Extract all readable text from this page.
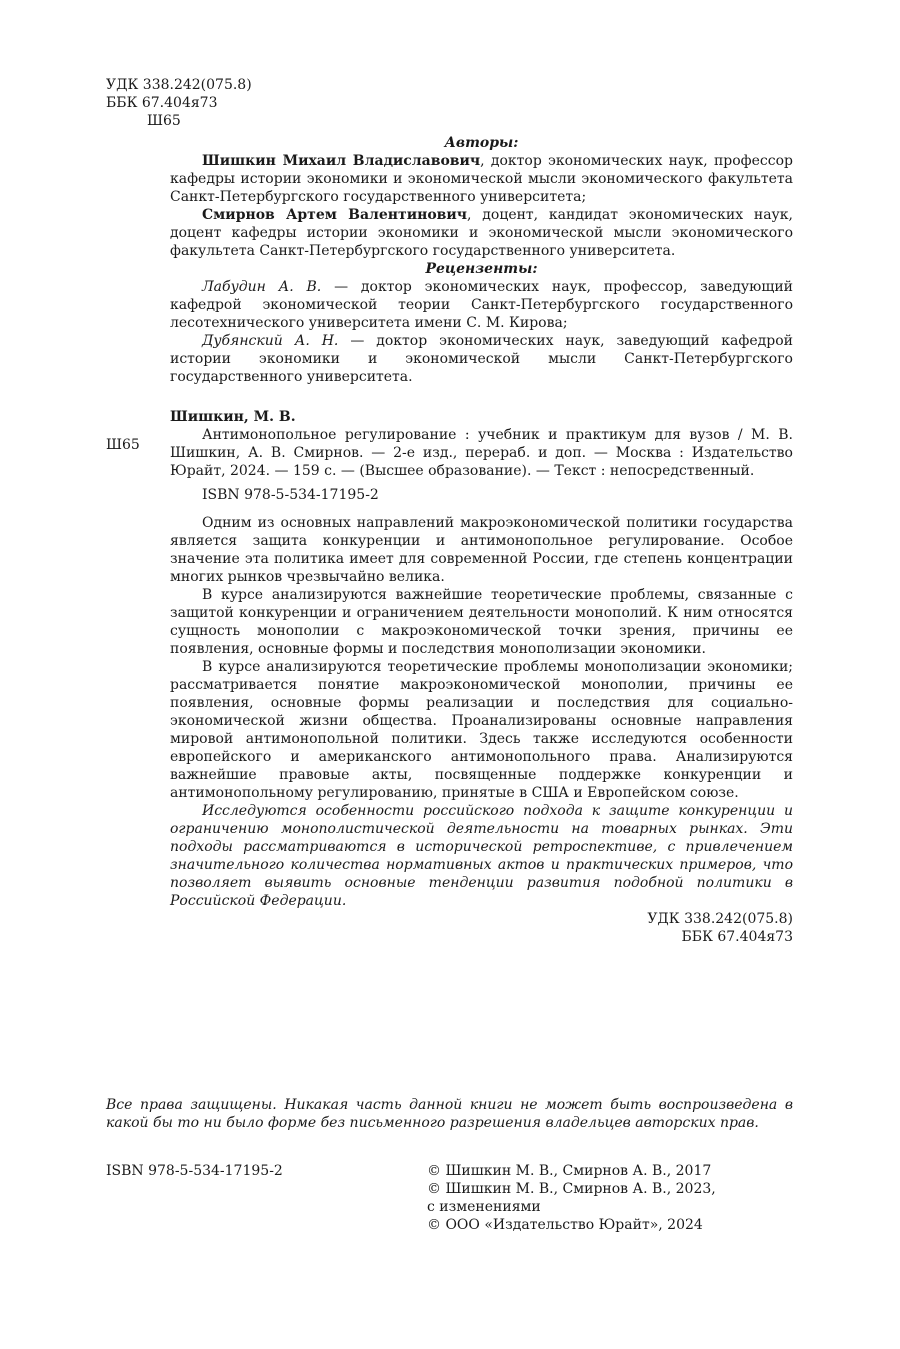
УДК 338.242(075.8)
ББК 67.404я73
Ш65

Авторы:

Шишкин Михаил Владиславович, доктор экономических наук, профессор кафедры истории экономики и экономической мысли экономического факультета Санкт-Петербургского государственного университета;

Смирнов Артем Валентинович, доцент, кандидат экономических наук, доцент кафедры истории экономики и экономической мысли экономического факультета Санкт-Петербургского государственного университета.

Рецензенты:

Лабудин А. В. — доктор экономических наук, профессор, заведующий кафедрой экономической теории Санкт-Петербургского государственного лесотехнического университета имени С. М. Кирова;

Дубянский А. Н. — доктор экономических наук, заведующий кафедрой истории экономики и экономической мысли Санкт-Петербургского государственного университета.

Ш65

Шишкин, М. В.

Антимонопольное регулирование : учебник и практикум для вузов / М. В. Шишкин, А. В. Смирнов. — 2-е изд., перераб. и доп. — Москва : Издательство Юрайт, 2024. — 159 с. — (Высшее образование). — Текст : непосредственный.

ISBN 978-5-534-17195-2

Одним из основных направлений макроэкономической политики государства является защита конкуренции и антимонопольное регулирование. Особое значение эта политика имеет для современной России, где степень концентрации многих рынков чрезвычайно велика.

В курсе анализируются важнейшие теоретические проблемы, связанные с защитой конкуренции и ограничением деятельности монополий. К ним относятся сущность монополии с макроэкономической точки зрения, причины ее появления, основные формы и последствия монополизации экономики.

В курсе анализируются теоретические проблемы монополизации экономики; рассматривается понятие макроэкономической монополии, причины ее появления, основные формы реализации и последствия для социально-экономической жизни общества. Проанализированы основные направления мировой антимонопольной политики. Здесь также исследуются особенности европейского и американского антимонопольного права. Анализируются важнейшие правовые акты, посвященные поддержке конкуренции и антимонопольному регулированию, принятые в США и Европейском союзе.

Исследуются особенности российского подхода к защите конкуренции и ограничению монополистической деятельности на товарных рынках. Эти подходы рассматриваются в исторической ретроспективе, с привлечением значительного количества нормативных актов и практических примеров, что позволяет выявить основные тенденции развития подобной политики в Российской Федерации.

УДК 338.242(075.8)

ББК 67.404я73

Все права защищены. Никакая часть данной книги не может быть воспроизведена в какой бы то ни было форме без письменного разрешения владельцев авторских прав.

ISBN 978-5-534-17195-2	© Шишкин М. В., Смирнов А. В., 2017

© Шишкин М. В., Смирнов А. В., 2023,

с изменениями

© ООО «Издательство Юрайт», 2024
